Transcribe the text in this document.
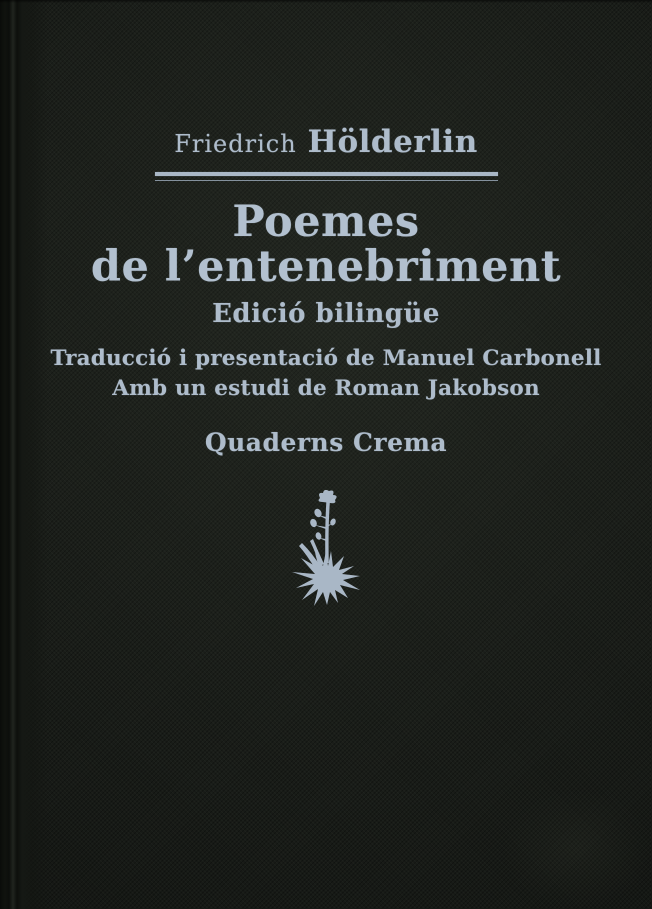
Friedrich Hölderlin
Poemes
de l’entenebriment
Edició bilingüe
Traducció i presentació de Manuel Carbonell
Amb un estudi de Roman Jakobson
Quaderns Crema
